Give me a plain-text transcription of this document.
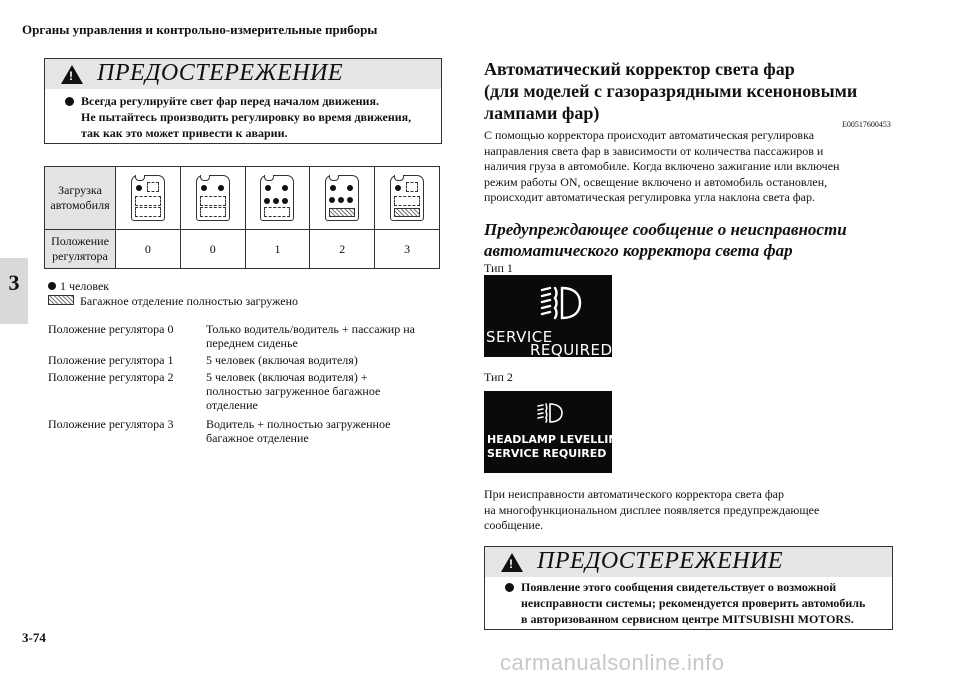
Органы управления и контрольно-измерительные приборы
3
! ПРЕДОСТЕРЕЖЕНИЕ
Всегда регулируйте свет фар перед началом движения.
Не пытайтесь производить регулировку во время движения,
так как это может привести к аварии.
Загрузка автомобиля	

Положение регулятора	0	0	1	2	3
1 человек
Багажное отделение полностью загружено
Положение регулятора 0	Только водитель/водитель + пассажир на переднем сиденье
Положение регулятора 1	5 человек (включая водителя)
Положение регулятора 2	5 человек (включая водителя) + полностью загруженное багажное отделение
Положение регулятора 3	Водитель + полностью загруженное багажное отделение
Автоматический корректор света фар
(для моделей с газоразрядными ксеноновыми
лампами фар)
E00517600453
С помощью корректора происходит автоматическая регулировка
направления света фар в зависимости от количества пассажиров и
наличия груза в автомобиле. Когда включено зажигание или включен
режим работы ON, освещение включено и автомобиль остановлен,
происходит автоматическая регулировка угла наклона света фар.
Предупреждающее сообщение о неисправности
автоматического корректора света фар
Тип 1
SERVICE
REQUIRED
Тип 2
HEADLAMP LEVELLING
SERVICE REQUIRED
При неисправности автоматического корректора света фар
на многофункциональном дисплее появляется предупреждающее
сообщение.
! ПРЕДОСТЕРЕЖЕНИЕ
Появление этого сообщения свидетельствует о возможной
неисправности системы; рекомендуется проверить автомобиль
в авторизованном сервисном центре MITSUBISHI MOTORS.
3-74
carmanualsonline.info
